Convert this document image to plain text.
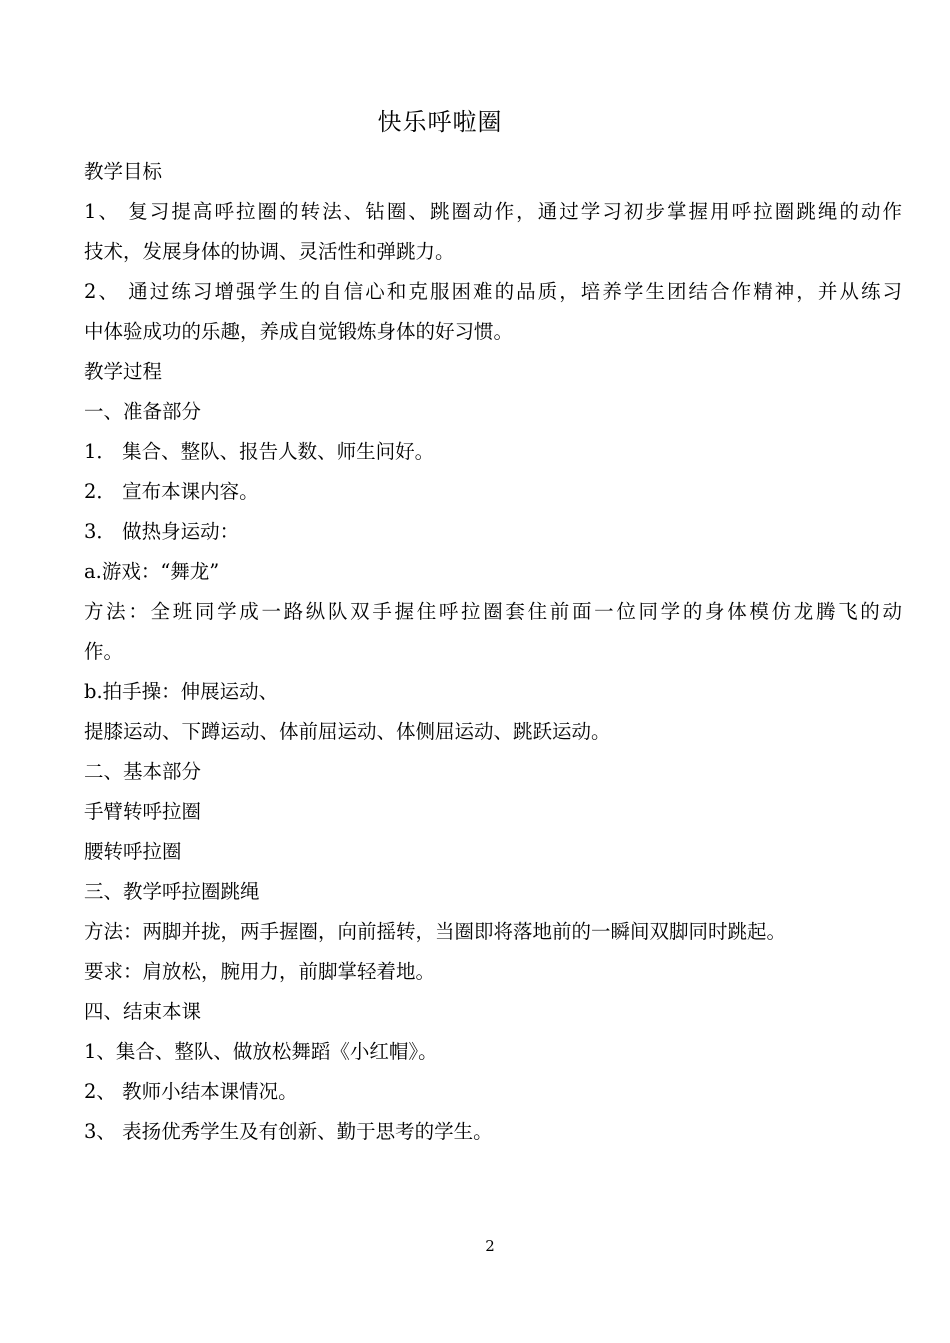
快乐呼啦圈
教学目标
1、 复习提高呼拉圈的转法、钻圈、跳圈动作，通过学习初步掌握用呼拉圈跳绳的动作
技术，发展身体的协调、灵活性和弹跳力。
2、 通过练习增强学生的自信心和克服困难的品质，培养学生团结合作精神，并从练习
中体验成功的乐趣，养成自觉锻炼身体的好习惯。
教学过程
一、准备部分
1． 集合、整队、报告人数、师生问好。
2． 宣布本课内容。
3． 做热身运动：
a.游戏：“舞龙”
方法：全班同学成一路纵队双手握住呼拉圈套住前面一位同学的身体模仿龙腾飞的动
作。
b.拍手操：伸展运动、
提膝运动、下蹲运动、体前屈运动、体侧屈运动、跳跃运动。
二、基本部分
手臂转呼拉圈
腰转呼拉圈
三、教学呼拉圈跳绳
方法：两脚并拢，两手握圈，向前摇转，当圈即将落地前的一瞬间双脚同时跳起。
要求：肩放松，腕用力，前脚掌轻着地。
四、结束本课
1、集合、整队、做放松舞蹈《小红帽》。
2、 教师小结本课情况。
3、 表扬优秀学生及有创新、勤于思考的学生。
2
